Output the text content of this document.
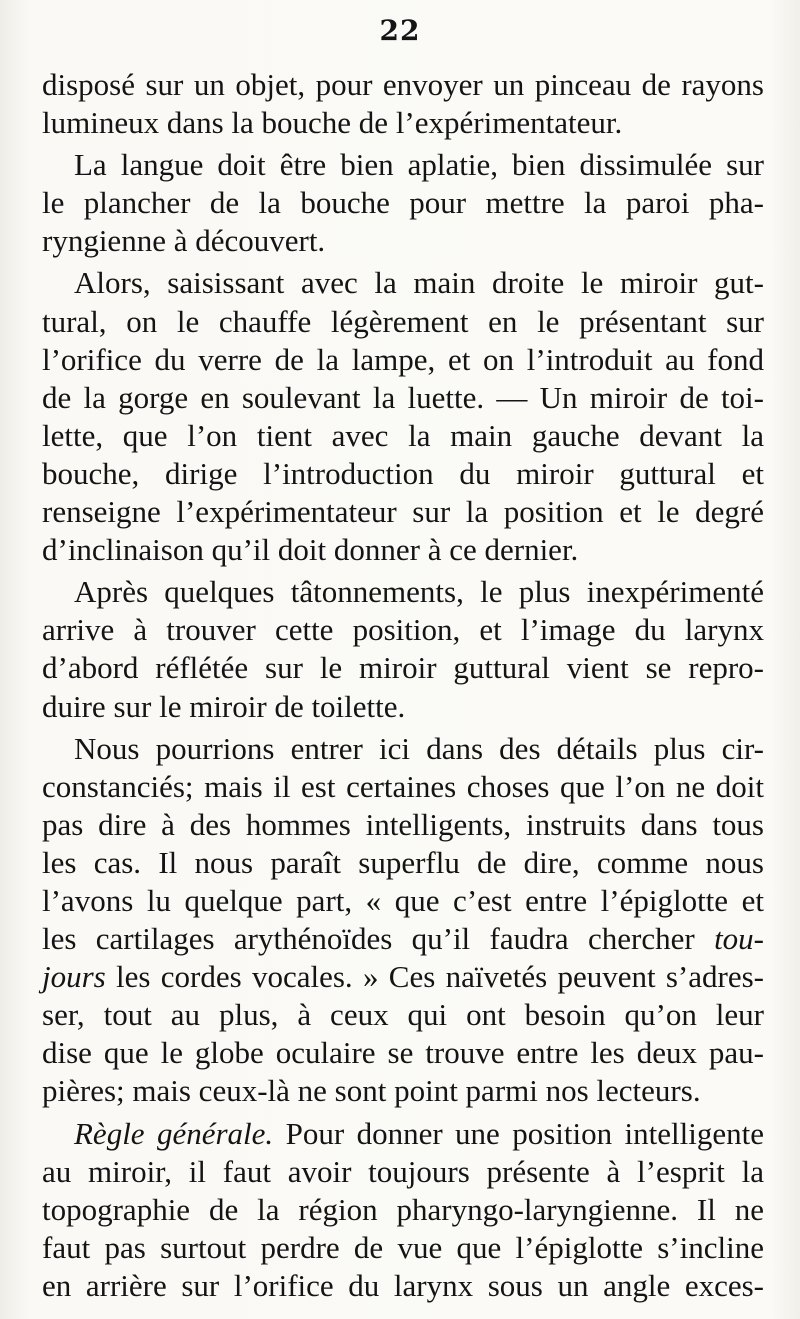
22
disposé sur un objet, pour envoyer un pinceau de rayons
lumineux dans la bouche de l’expérimentateur.
La langue doit être bien aplatie, bien dissimulée sur
le plancher de la bouche pour mettre la paroi pha-
ryngienne à découvert.
Alors, saisissant avec la main droite le miroir gut-
tural, on le chauffe légèrement en le présentant sur
l’orifice du verre de la lampe, et on l’introduit au fond
de la gorge en soulevant la luette. — Un miroir de toi-
lette, que l’on tient avec la main gauche devant la
bouche, dirige l’introduction du miroir guttural et
renseigne l’expérimentateur sur la position et le degré
d’inclinaison qu’il doit donner à ce dernier.
Après quelques tâtonnements, le plus inexpérimenté
arrive à trouver cette position, et l’image du larynx
d’abord réflétée sur le miroir guttural vient se repro-
duire sur le miroir de toilette.
Nous pourrions entrer ici dans des détails plus cir-
constanciés; mais il est certaines choses que l’on ne doit
pas dire à des hommes intelligents, instruits dans tous
les cas. Il nous paraît superflu de dire, comme nous
l’avons lu quelque part, « que c’est entre l’épiglotte et
les cartilages arythénoïdes qu’il faudra chercher tou-
jours les cordes vocales. » Ces naïvetés peuvent s’adres-
ser, tout au plus, à ceux qui ont besoin qu’on leur
dise que le globe oculaire se trouve entre les deux pau-
pières; mais ceux-là ne sont point parmi nos lecteurs.
Règle générale. Pour donner une position intelligente
au miroir, il faut avoir toujours présente à l’esprit la
topographie de la région pharyngo-laryngienne. Il ne
faut pas surtout perdre de vue que l’épiglotte s’incline
en arrière sur l’orifice du larynx sous un angle exces-
